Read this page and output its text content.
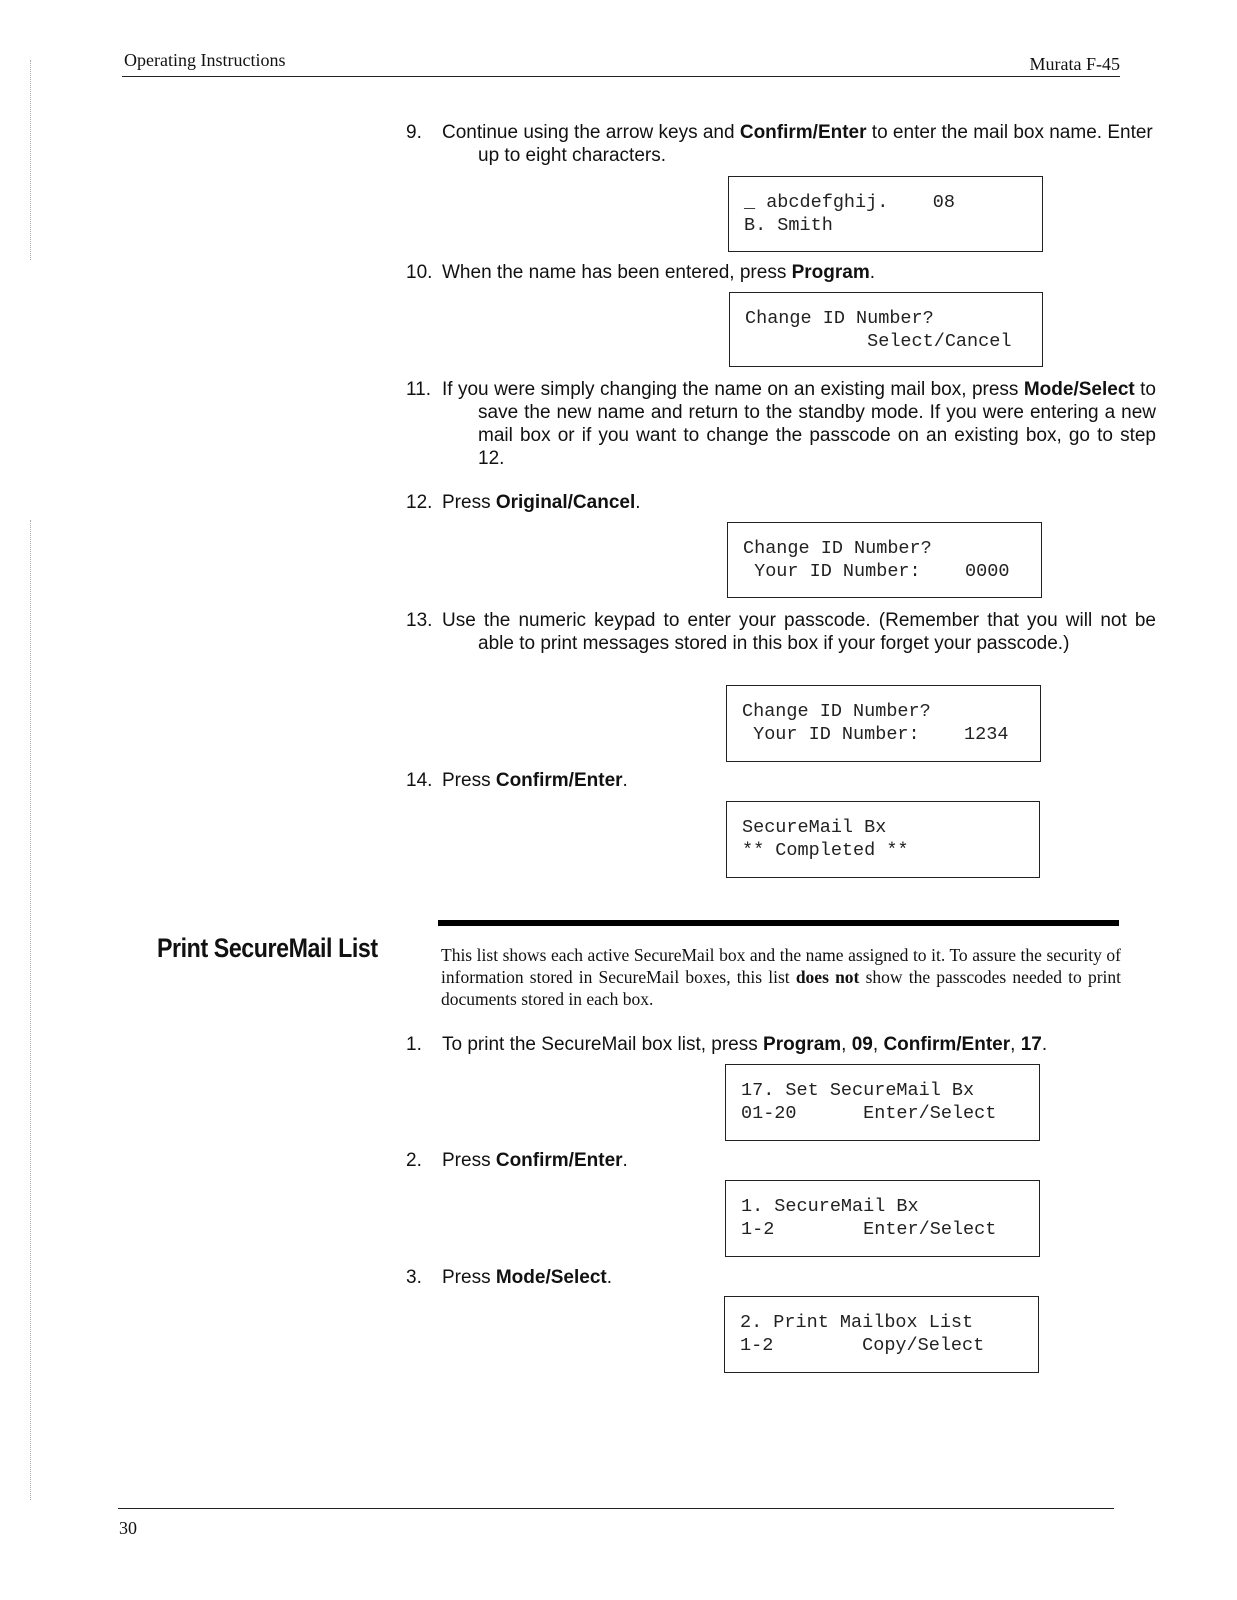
Operating Instructions	Murata F-45
9.Continue using the arrow keys and Confirm/Enter to enter the mail box name. Enter up to eight characters.
_ abcdefghij.    08
B. Smith
10.When the name has been entered, press Program.
Change ID Number?
Select/Cancel
11.If you were simply changing the name on an existing mail box, press Mode/Select to save the new name and return to the standby mode. If you were entering a new mail box or if you want to change the passcode on an existing box, go to step 12.
12.Press Original/Cancel.
Change ID Number?
Your ID Number:    0000
13.Use the numeric keypad to enter your passcode. (Remember that you will not be able to print messages stored in this box if your forget your passcode.)
Change ID Number?
Your ID Number:    1234
14.Press Confirm/Enter.
SecureMail Bx
** Completed **
Print SecureMail List	This list shows each active SecureMail box and the name assigned to it. To assure the security of information stored in SecureMail boxes, this list does not show the passcodes needed to print documents stored in each box.
1.To print the SecureMail box list, press Program, 09, Confirm/Enter, 17.
17. Set SecureMail Bx
01-20      Enter/Select
2.Press Confirm/Enter.
1. SecureMail Bx
1-2        Enter/Select
3.Press Mode/Select.
2. Print Mailbox List
1-2        Copy/Select
30
